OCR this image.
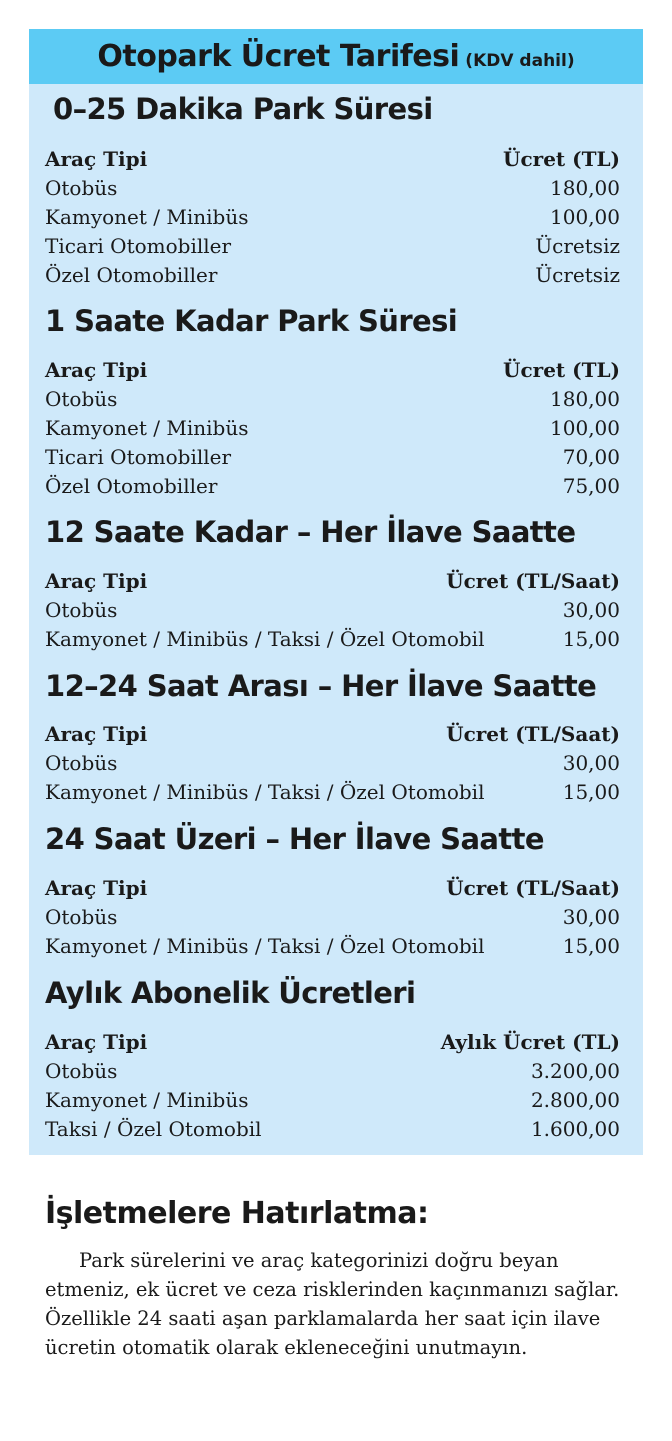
Otopark Ücret Tarifesi (KDV dahil)
0–25 Dakika Park Süresi
Araç Tipi	Ücret (TL)
Otobüs	180,00
Kamyonet / Minibüs	100,00
Ticari Otomobiller	Ücretsiz
Özel Otomobiller	Ücretsiz
1 Saate Kadar Park Süresi
Araç Tipi	Ücret (TL)
Otobüs	180,00
Kamyonet / Minibüs	100,00
Ticari Otomobiller	70,00
Özel Otomobiller	75,00
12 Saate Kadar – Her İlave Saatte
Araç Tipi	Ücret (TL/Saat)
Otobüs	30,00
Kamyonet / Minibüs / Taksi / Özel Otomobil	15,00
12–24 Saat Arası – Her İlave Saatte
Araç Tipi	Ücret (TL/Saat)
Otobüs	30,00
Kamyonet / Minibüs / Taksi / Özel Otomobil	15,00
24 Saat Üzeri – Her İlave Saatte
Araç Tipi	Ücret (TL/Saat)
Otobüs	30,00
Kamyonet / Minibüs / Taksi / Özel Otomobil	15,00
Aylık Abonelik Ücretleri
Araç Tipi	Aylık Ücret (TL)
Otobüs	3.200,00
Kamyonet / Minibüs	2.800,00
Taksi / Özel Otomobil	1.600,00
İşletmelere Hatırlatma:

Park sürelerini ve araç kategorinizi doğru beyan etmeniz, ek ücret ve ceza risklerinden kaçınmanızı sağlar. Özellikle 24 saati aşan parklamalarda her saat için ilave ücretin otomatik olarak ekleneceğini unutmayın.
